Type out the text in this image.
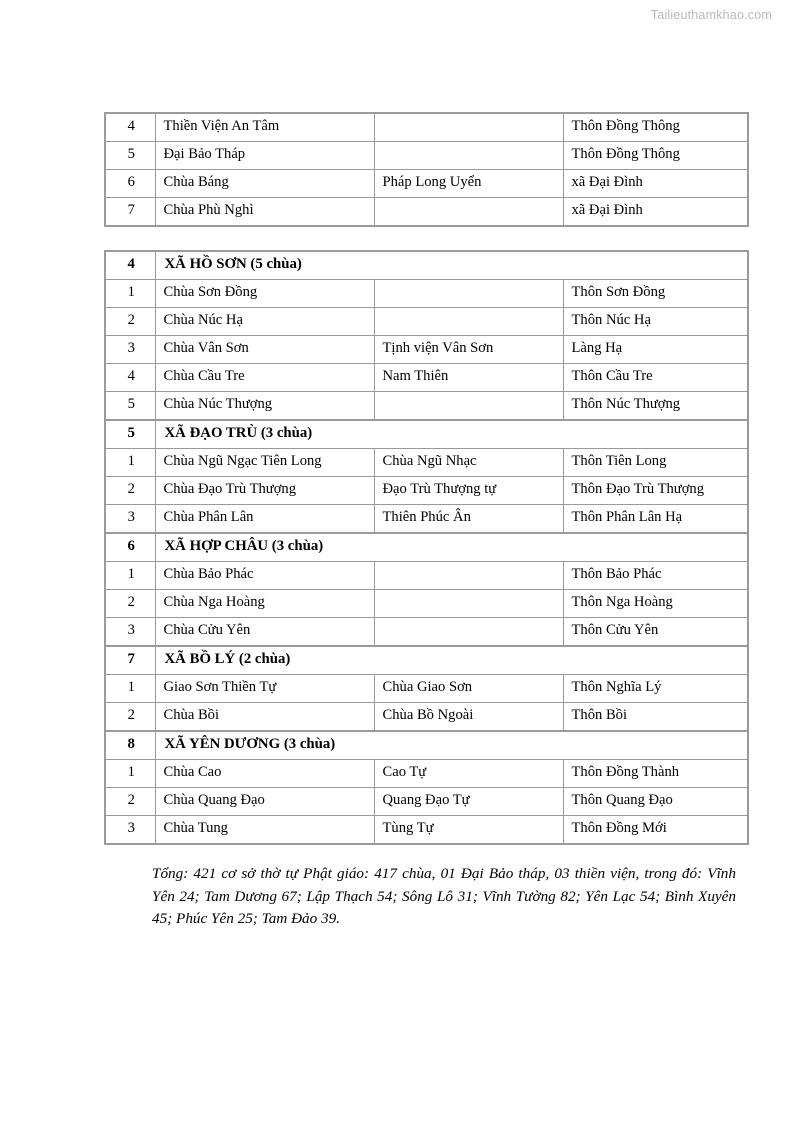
Tailieuthamkhao.com
4	Thiền Viện An Tâm		Thôn Đồng Thông
5	Đại Bảo Tháp		Thôn Đồng Thông
6	Chùa Báng	Pháp Long Uyển	xã Đại Đình
7	Chùa Phù Nghì		xã Đại Đình
4	XÃ HỒ SƠN (5 chùa)		
1	Chùa Sơn Đồng		Thôn Sơn Đồng
2	Chùa Núc Hạ		Thôn Núc Hạ
3	Chùa Vân Sơn	Tịnh viện Vân Sơn	Làng Hạ
4	Chùa Cầu Tre	Nam Thiên	Thôn Cầu Tre
5	Chùa Núc Thượng		Thôn Núc Thượng
5	XÃ ĐẠO TRÙ (3 chùa)		
1	Chùa Ngũ Ngạc Tiên Long	Chùa Ngũ Nhạc	Thôn Tiên Long
2	Chùa Đạo Trù Thượng	Đạo Trù Thượng tự	Thôn Đạo Trù Thượng
3	Chùa Phân Lân	Thiên Phúc Ân	Thôn Phân Lân Hạ
6	XÃ HỢP CHÂU (3 chùa)		
1	Chùa Bảo Phác		Thôn Bảo Phác
2	Chùa Nga Hoàng		Thôn Nga Hoàng
3	Chùa Cửu Yên		Thôn Cửu Yên
7	XÃ BỒ LÝ (2 chùa)		
1	Giao Sơn Thiền Tự	Chùa Giao Sơn	Thôn Nghĩa Lý
2	Chùa Bồi	Chùa Bồ Ngoài	Thôn Bồi
8	XÃ YÊN DƯƠNG (3 chùa)		
1	Chùa Cao	Cao Tự	Thôn Đồng Thành
2	Chùa Quang Đạo	Quang Đạo Tự	Thôn Quang Đạo
3	Chùa Tung	Tùng Tự	Thôn Đồng Mới

Tổng: 421 cơ sở thờ tự Phật giáo: 417 chùa, 01 Đại Bảo tháp, 03 thiền viện, trong đó: Vĩnh Yên 24; Tam Dương 67; Lập Thạch 54; Sông Lô 31; Vĩnh Tường 82; Yên Lạc 54; Bình Xuyên 45; Phúc Yên 25; Tam Đảo 39.
